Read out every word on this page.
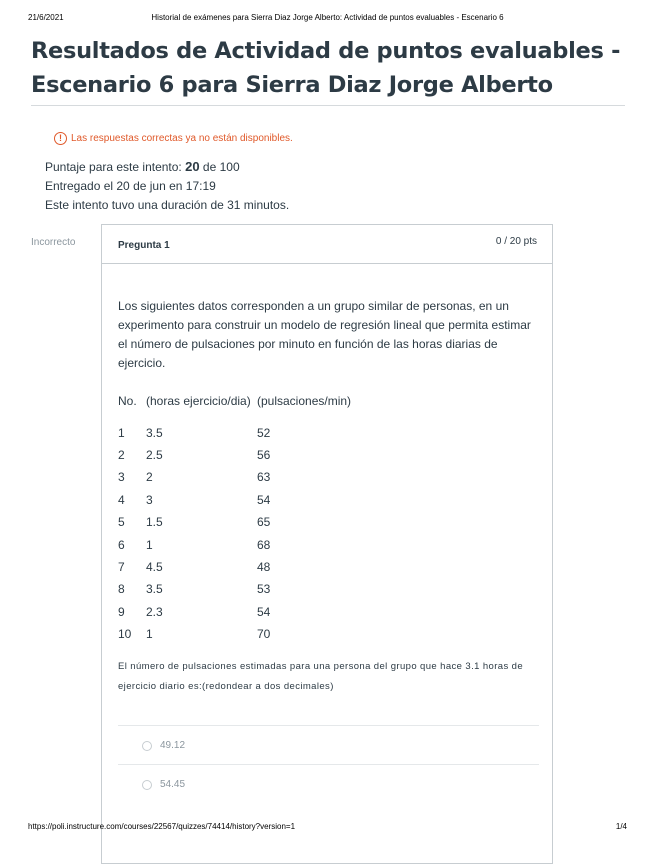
21/6/2021	Historial de exámenes para Sierra Diaz Jorge Alberto: Actividad de puntos evaluables - Escenario 6
Resultados de Actividad de puntos evaluables -
Escenario 6 para Sierra Diaz Jorge Alberto
! Las respuestas correctas ya no están disponibles.
Puntaje para este intento: 20 de 100
Entregado el 20 de jun en 17:19
Este intento tuvo una duración de 31 minutos.
Incorrecto	Pregunta 1	0 / 20 pts

Los siguientes datos corresponden a un grupo similar de personas, en un experimento para construir un modelo de regresión lineal que permita estimar el número de pulsaciones por minuto en función de las horas diarias de ejercicio.

No.	(horas ejercicio/dia)	(pulsaciones/min)
1	3.5	52
2	2.5	56
3	2	63
4	3	54
5	1.5	65
6	1	68
7	4.5	48
8	3.5	53
9	2.3	54
10	1	70
El número de pulsaciones estimadas para una persona del grupo que hace 3.1 horas de ejercicio diario es:(redondear a dos decimales)
49.12
54.45
https://poli.instructure.com/courses/22567/quizzes/74414/history?version=1	1/4
